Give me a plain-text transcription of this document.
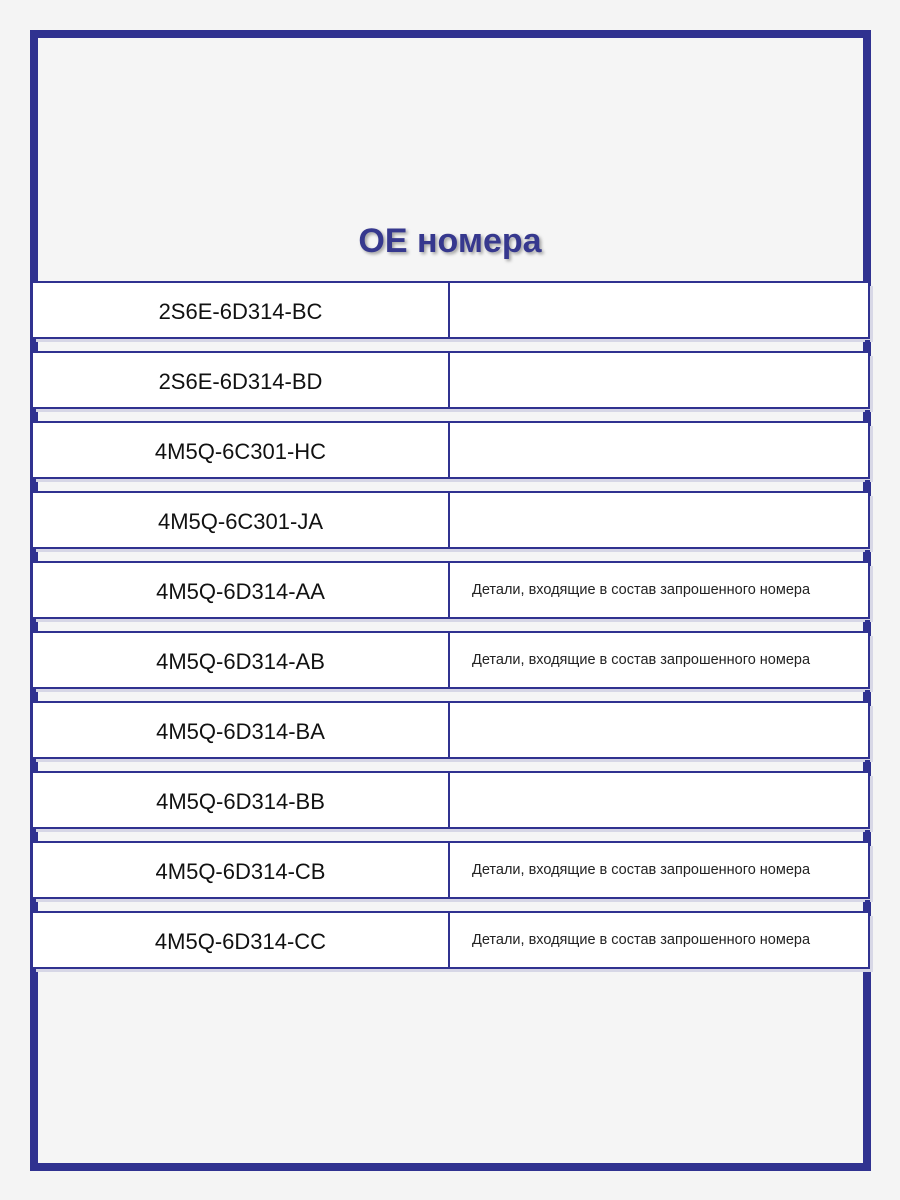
OE номера
2S6E-6D314-BC
2S6E-6D314-BD
4M5Q-6C301-HC
4M5Q-6C301-JA
4M5Q-6D314-AA	Детали, входящие в состав запрошенного номера
4M5Q-6D314-AB	Детали, входящие в состав запрошенного номера
4M5Q-6D314-BA
4M5Q-6D314-BB
4M5Q-6D314-CB	Детали, входящие в состав запрошенного номера
4M5Q-6D314-CC	Детали, входящие в состав запрошенного номера
